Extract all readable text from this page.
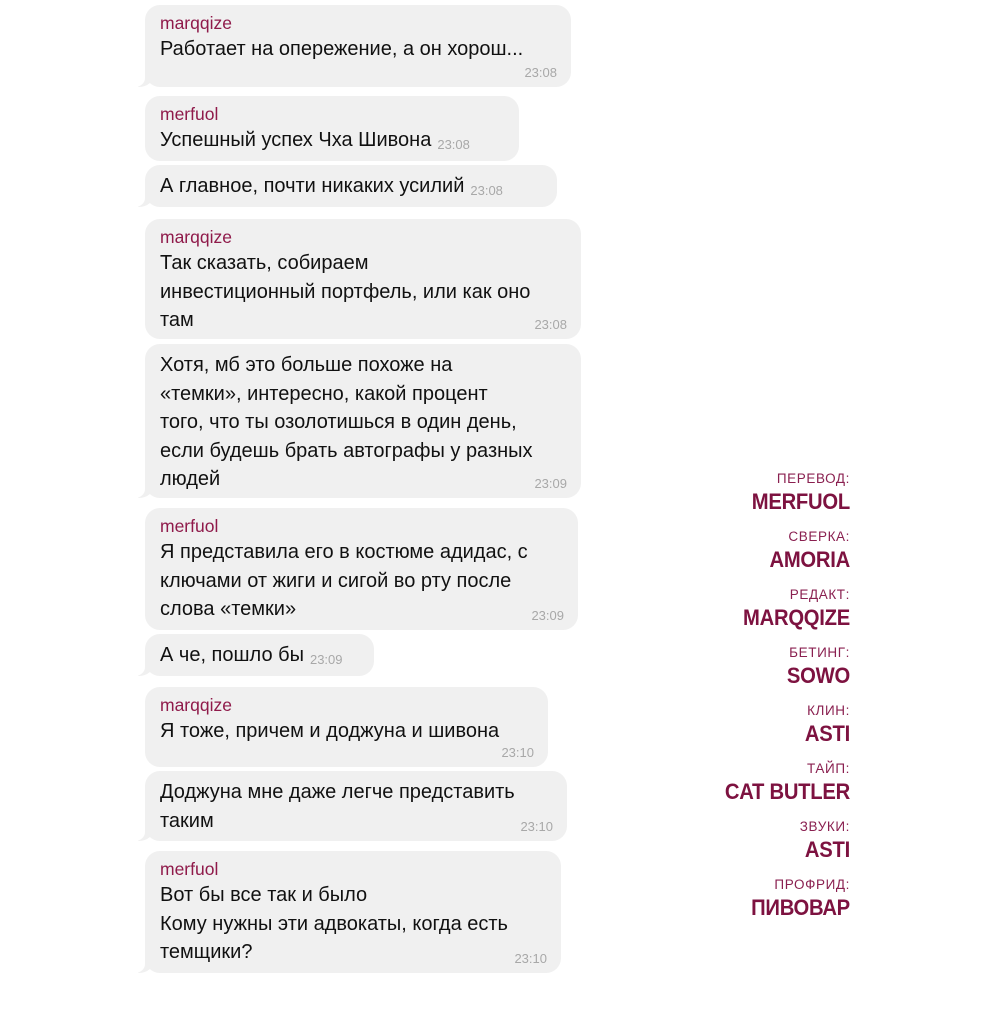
marqqize
Работает на опережение, а он хорош...
23:08
merfuol
Успешный успех Чха Шивона 23:08
А главное, почти никаких усилий 23:08
marqqize
Так сказать, собираем
инвестиционный портфель, или как оно
там	23:08
Хотя, мб это больше похоже на
«темки», интересно, какой процент
того, что ты озолотишься в один день,
если будешь брать автографы у разных
людей	23:09
merfuol
Я представила его в костюме адидас, с
ключами от жиги и сигой во рту после
слова «темки»	23:09
А че, пошло бы 23:09
marqqize
Я тоже, причем и доджуна и шивона
23:10
Доджуна мне даже легче представить
таким	23:10
merfuol
Вот бы все так и было
Кому нужны эти адвокаты, когда есть
темщики?	23:10
ПЕРЕВОД:
MERFUOL
СВЕРКА:
AMORIA
РЕДАКТ:
MARQQIZE
БЕТИНГ:
SOWO
КЛИН:
ASTI
ТАЙП:
CAT BUTLER
ЗВУКИ:
ASTI
ПРОФРИД:
ПИВОВАР
